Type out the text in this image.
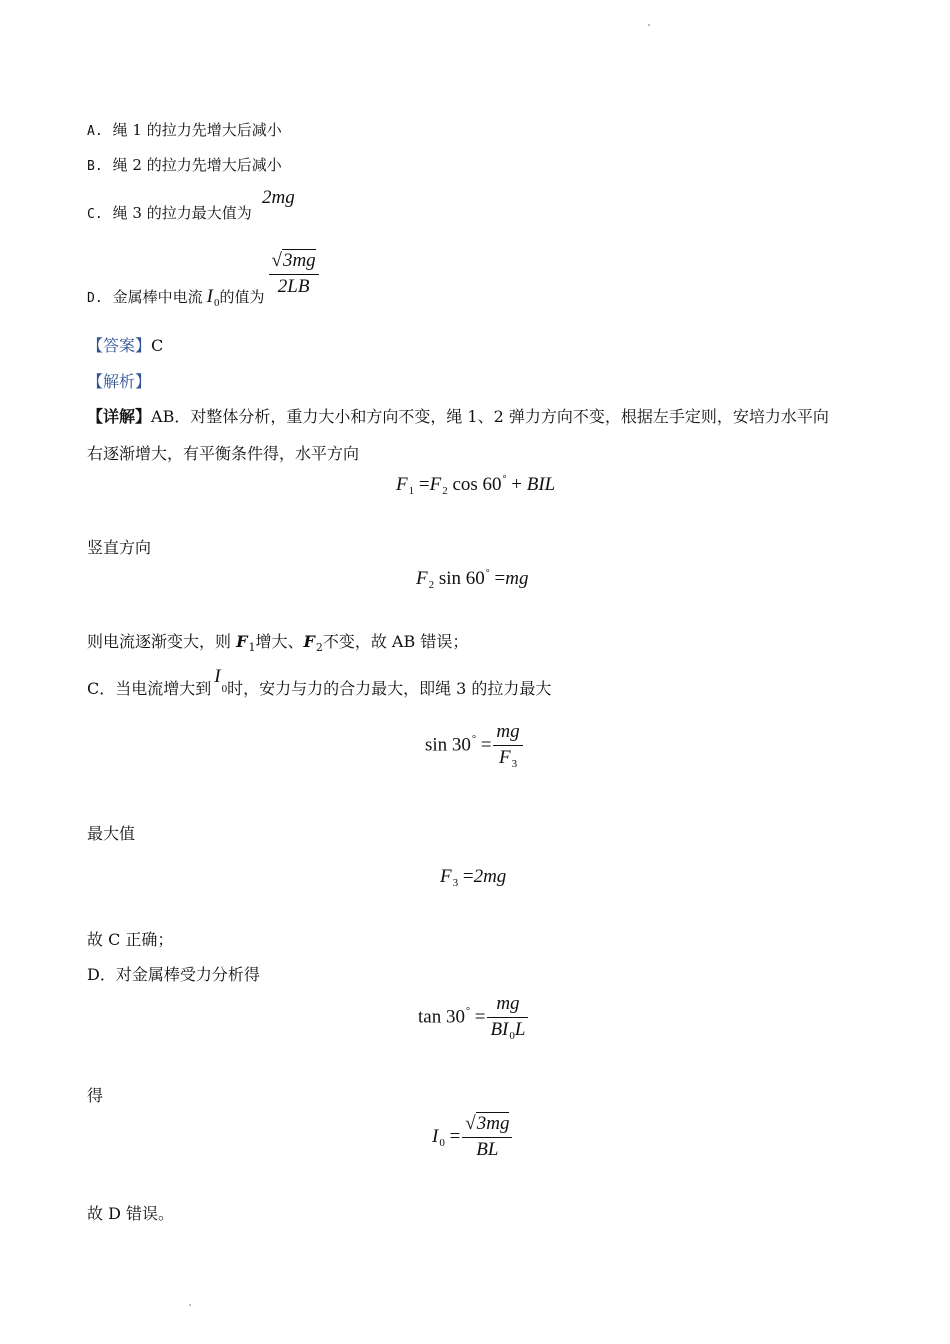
A. 绳 1 的拉力先增大后减小
B. 绳 2 的拉力先增大后减小
C. 绳 3 的拉力最大值为
2mg
D. 金属棒中电流 $I_0$的值为 $\frac{√3mg}{2LB}$
【答案】C
【解析】
【详解】AB．对整体分析，重力大小和方向不变，绳 1、2 弹力方向不变，根据左手定则，安培力水平向
右逐渐增大，有平衡条件得，水平方向
$F_1 =F_2$ cos 60° + BIL
竖直方向
$F_2$ sin 60° =mg
则电流逐渐变大，则 $F_1$增大、$F_2$不变，故 AB 错误；
C．当电流增大到$I_0$时，安力与力的合力最大，即绳 3 的拉力最大
$\sin 30^\circ = \frac{mg}{F_3}$
最大值
$F_3 =2mg$
故 C 正确；
D．对金属棒受力分析得
$\tan 30^\circ = \frac{mg}{BI_0L}$
得
$I_0 = \frac{√3mg}{BL}$
故 D 错误。
